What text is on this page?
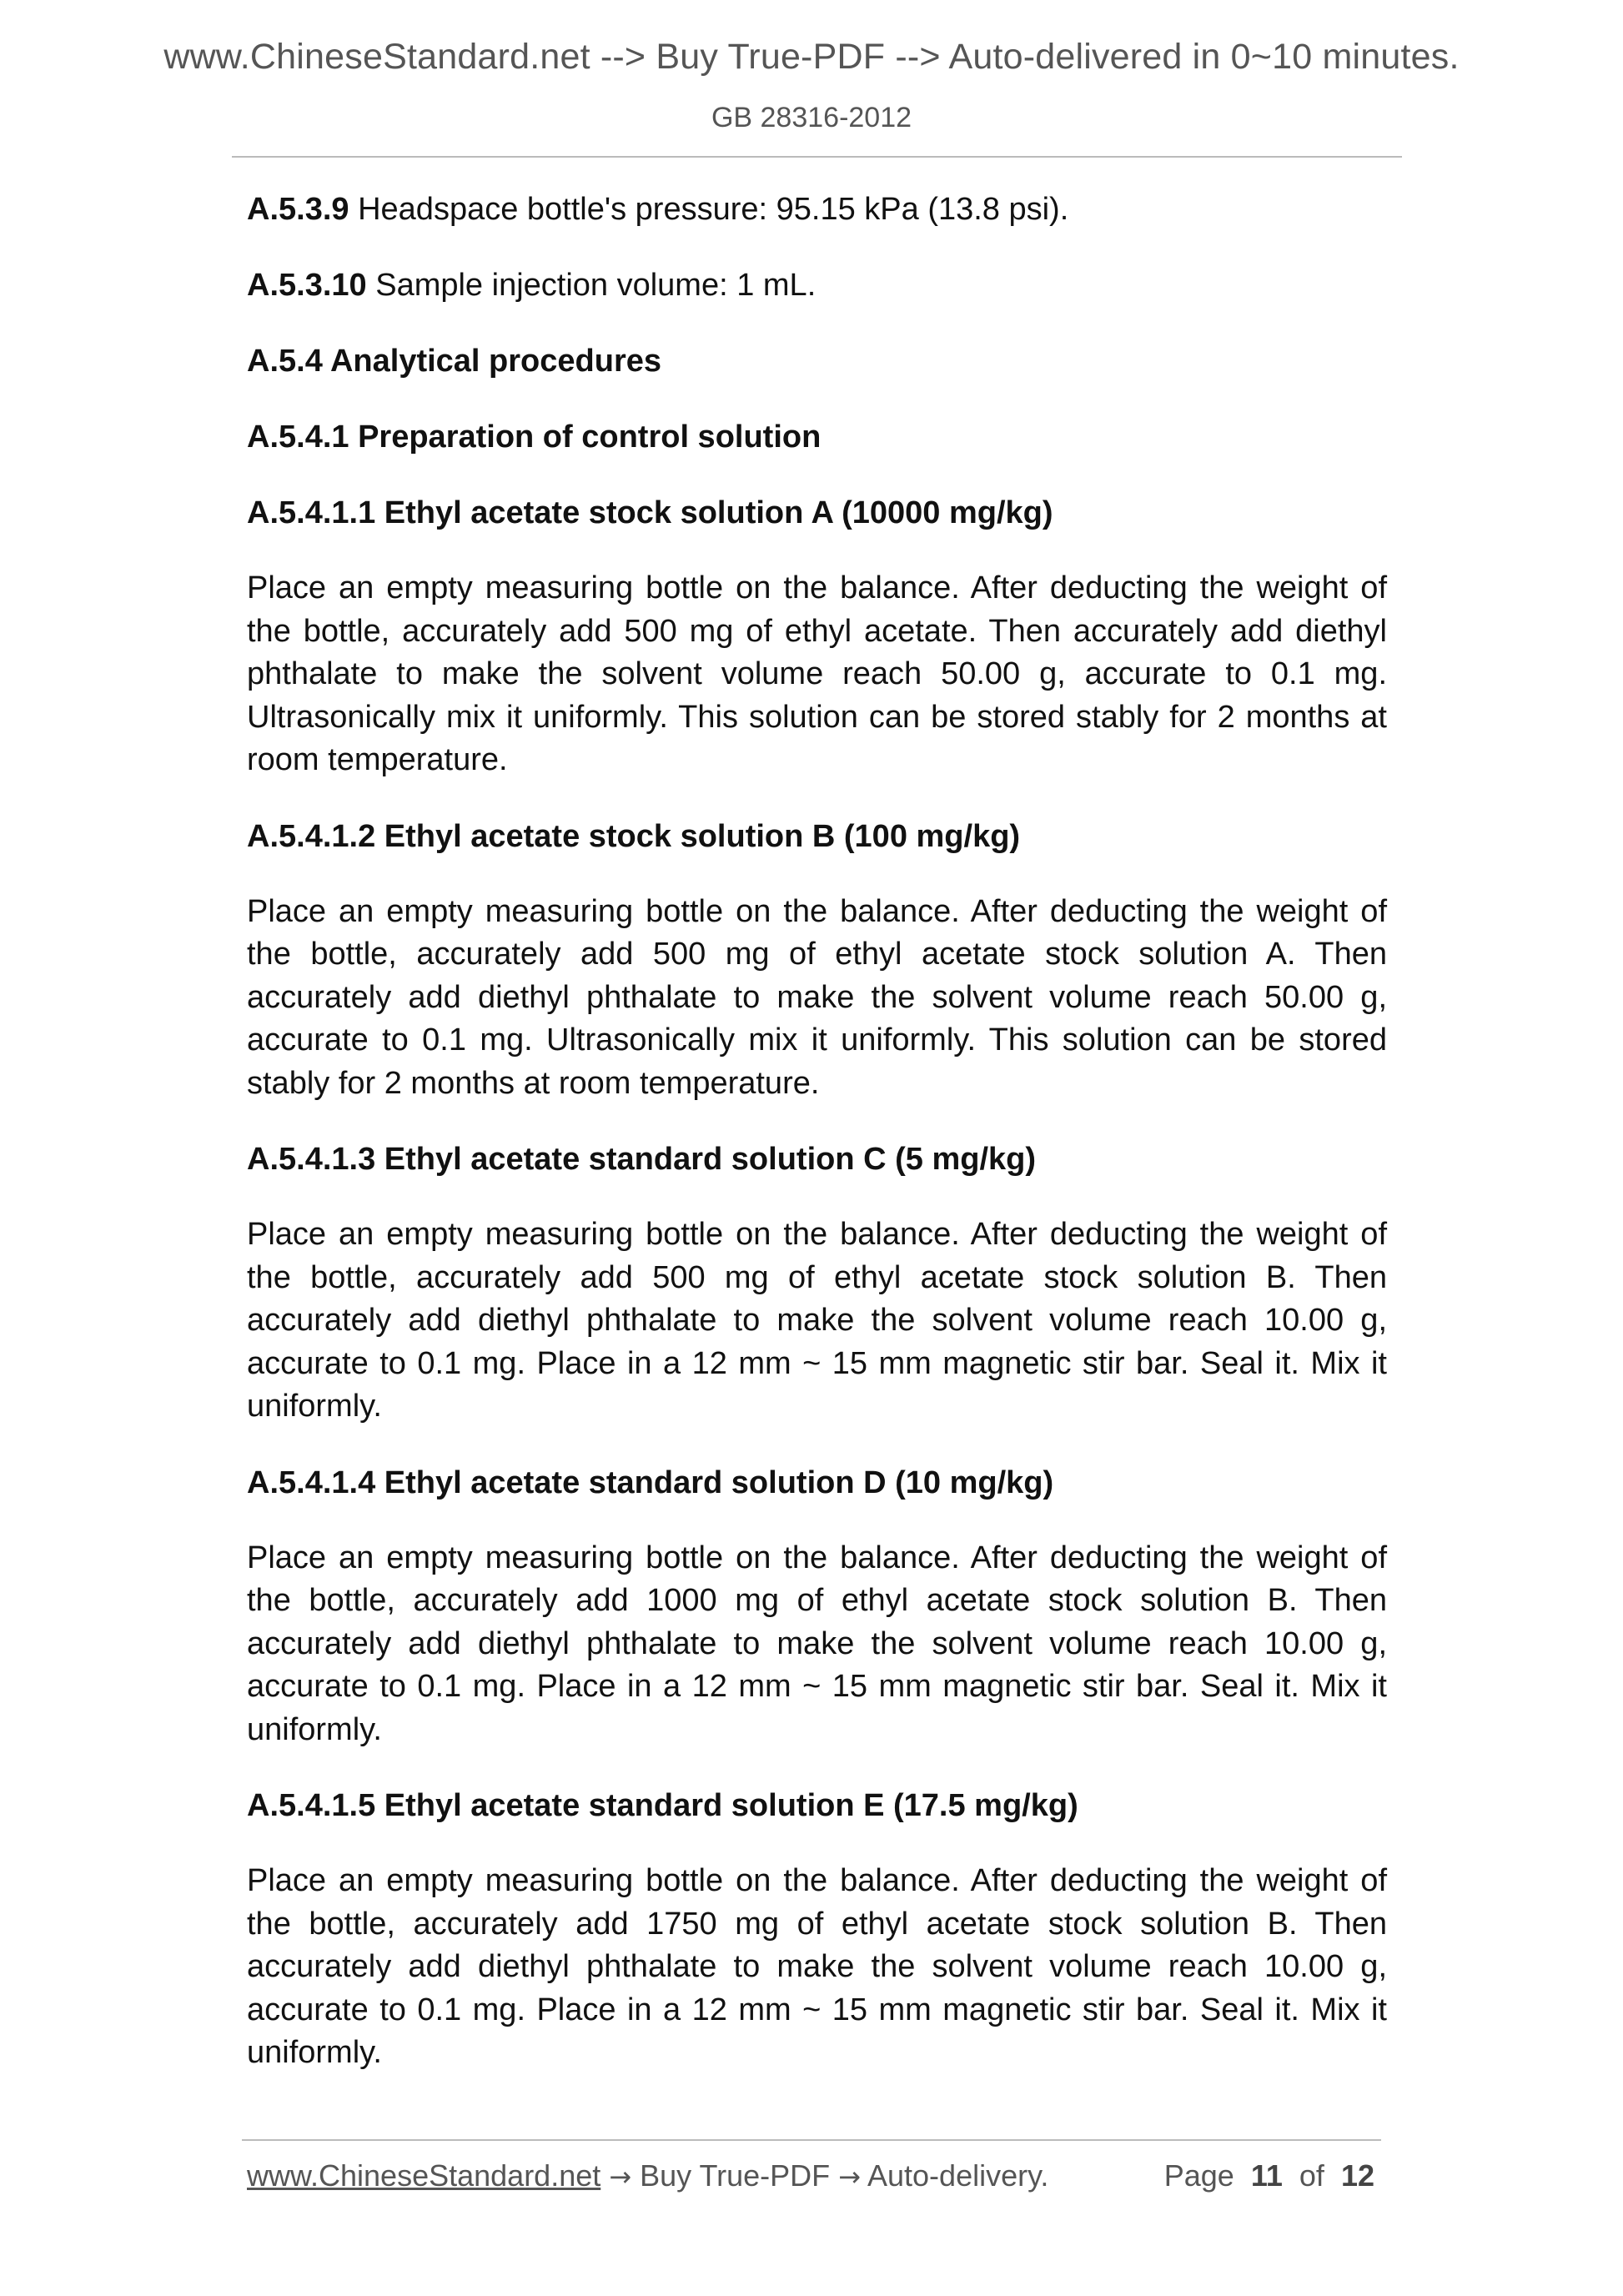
www.ChineseStandard.net --> Buy True-PDF --> Auto-delivered in 0~10 minutes.
GB 28316-2012
A.5.3.9 Headspace bottle's pressure: 95.15 kPa (13.8 psi).
A.5.3.10 Sample injection volume: 1 mL.
A.5.4 Analytical procedures
A.5.4.1 Preparation of control solution
A.5.4.1.1 Ethyl acetate stock solution A (10000 mg/kg)
Place an empty measuring bottle on the balance. After deducting the weight of the bottle, accurately add 500 mg of ethyl acetate. Then accurately add diethyl phthalate to make the solvent volume reach 50.00 g, accurate to 0.1 mg. Ultrasonically mix it uniformly. This solution can be stored stably for 2 months at room temperature.
A.5.4.1.2 Ethyl acetate stock solution B (100 mg/kg)
Place an empty measuring bottle on the balance. After deducting the weight of the bottle, accurately add 500 mg of ethyl acetate stock solution A. Then accurately add diethyl phthalate to make the solvent volume reach 50.00 g, accurate to 0.1 mg. Ultrasonically mix it uniformly. This solution can be stored stably for 2 months at room temperature.
A.5.4.1.3 Ethyl acetate standard solution C (5 mg/kg)
Place an empty measuring bottle on the balance. After deducting the weight of the bottle, accurately add 500 mg of ethyl acetate stock solution B. Then accurately add diethyl phthalate to make the solvent volume reach 10.00 g, accurate to 0.1 mg. Place in a 12 mm ~ 15 mm magnetic stir bar. Seal it. Mix it uniformly.
A.5.4.1.4 Ethyl acetate standard solution D (10 mg/kg)
Place an empty measuring bottle on the balance. After deducting the weight of the bottle, accurately add 1000 mg of ethyl acetate stock solution B. Then accurately add diethyl phthalate to make the solvent volume reach 10.00 g, accurate to 0.1 mg. Place in a 12 mm ~ 15 mm magnetic stir bar. Seal it. Mix it uniformly.
A.5.4.1.5 Ethyl acetate standard solution E (17.5 mg/kg)
Place an empty measuring bottle on the balance. After deducting the weight of the bottle, accurately add 1750 mg of ethyl acetate stock solution B. Then accurately add diethyl phthalate to make the solvent volume reach 10.00 g, accurate to 0.1 mg. Place in a 12 mm ~ 15 mm magnetic stir bar. Seal it. Mix it uniformly.
www.ChineseStandard.net → Buy True-PDF → Auto-delivery.	Page 11 of 12
